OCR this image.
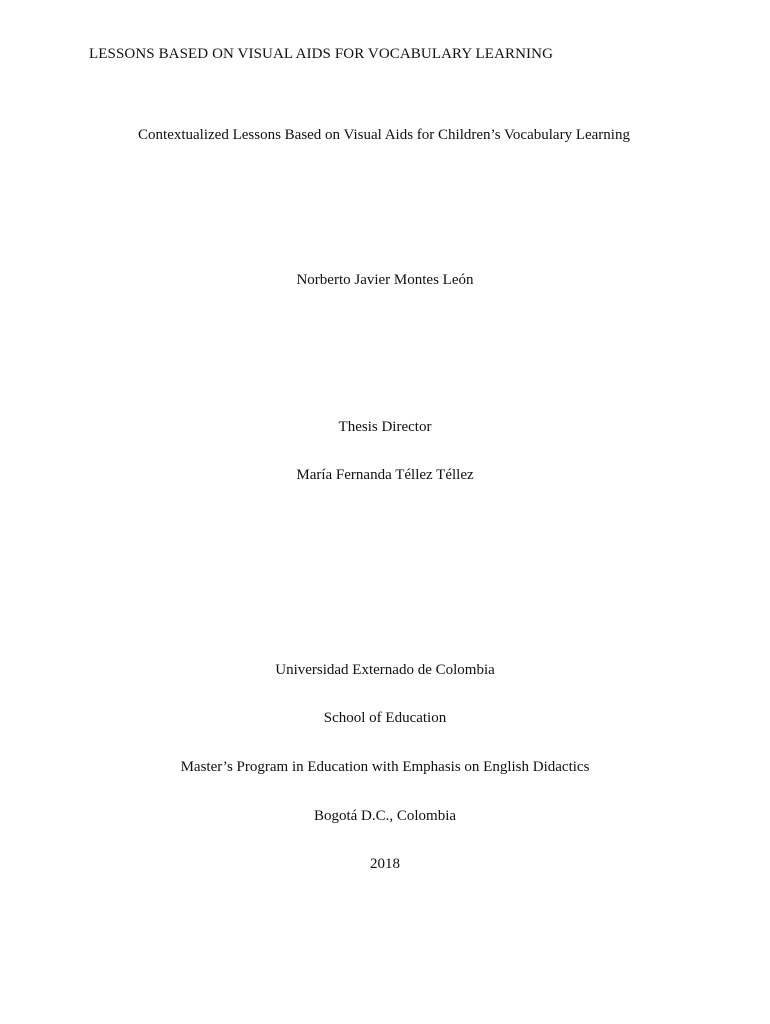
LESSONS BASED ON VISUAL AIDS FOR VOCABULARY LEARNING
Contextualized Lessons Based on Visual Aids for Children’s Vocabulary Learning
Norberto Javier Montes León
Thesis Director
María Fernanda Téllez Téllez
Universidad Externado de Colombia
School of Education
Master’s Program in Education with Emphasis on English Didactics
Bogotá D.C., Colombia
2018
